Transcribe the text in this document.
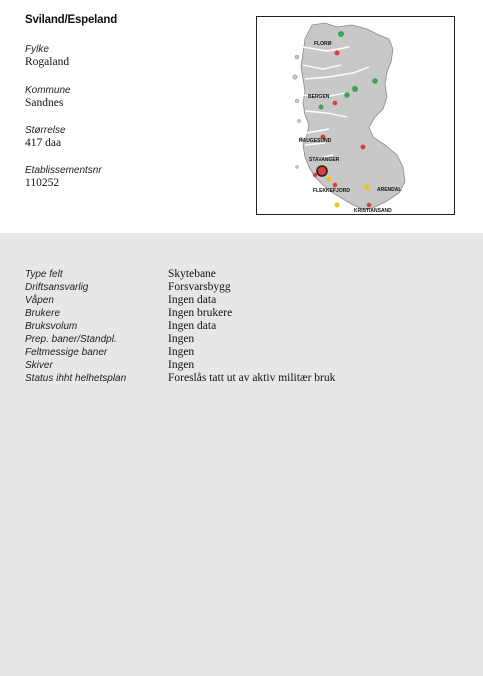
Sviland/Espeland
Fylke
Rogaland
Kommune
Sandnes
Størrelse
417 daa
Etablissementsnr
110252
FLORØ
BERGEN
HAUGESUND
STAVANGER
FLEKKEFJORD	ARENDAL
KRISTIANSAND
Type felt	Skytebane
Driftsansvarlig	Forsvarsbygg
Våpen	Ingen data
Brukere	Ingen brukere
Bruksvolum	Ingen data
Prep. baner/Standpl.	Ingen
Feltmessige baner	Ingen
Skiver	Ingen
Status ihht helhetsplan	Foreslås tatt ut av aktiv militær bruk
